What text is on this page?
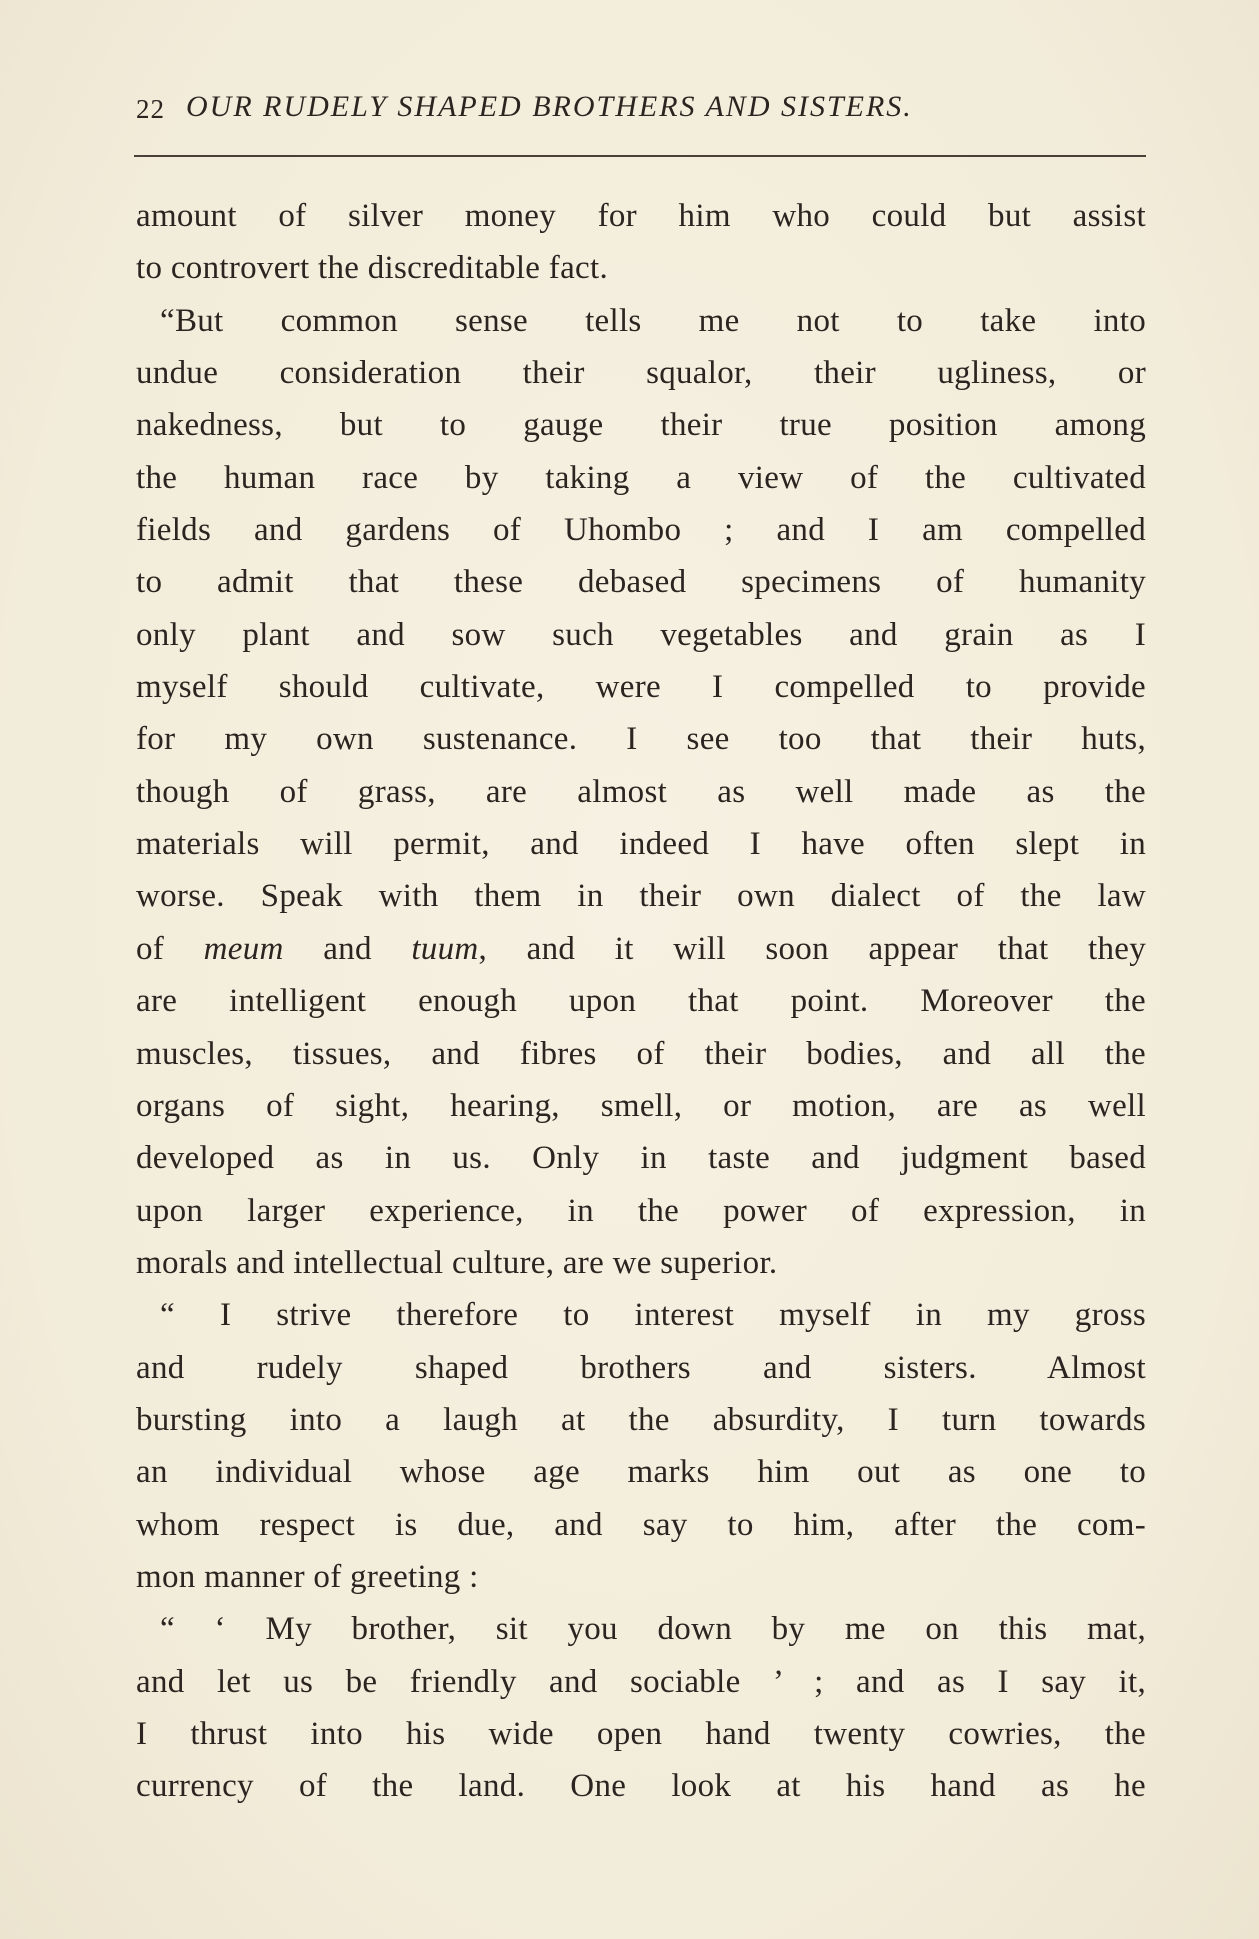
22 OUR RUDELY SHAPED BROTHERS AND SISTERS.
amount of silver money for him who could but assist
to controvert the discreditable fact.
“But common sense tells me not to take into
undue consideration their squalor, their ugliness, or
nakedness, but to gauge their true position among
the human race by taking a view of the cultivated
fields and gardens of Uhombo ; and I am compelled
to admit that these debased specimens of humanity
only plant and sow such vegetables and grain as I
myself should cultivate, were I compelled to provide
for my own sustenance. I see too that their huts,
though of grass, are almost as well made as the
materials will permit, and indeed I have often slept in
worse. Speak with them in their own dialect of the law
of meum and tuum, and it will soon appear that they
are intelligent enough upon that point. Moreover the
muscles, tissues, and fibres of their bodies, and all the
organs of sight, hearing, smell, or motion, are as well
developed as in us. Only in taste and judgment based
upon larger experience, in the power of expression, in
morals and intellectual culture, are we superior.
“ I strive therefore to interest myself in my gross
and rudely shaped brothers and sisters. Almost
bursting into a laugh at the absurdity, I turn towards
an individual whose age marks him out as one to
whom respect is due, and say to him, after the com-
mon manner of greeting :
“ ‘ My brother, sit you down by me on this mat,
and let us be friendly and sociable ’ ; and as I say it,
I thrust into his wide open hand twenty cowries, the
currency of the land. One look at his hand as he
